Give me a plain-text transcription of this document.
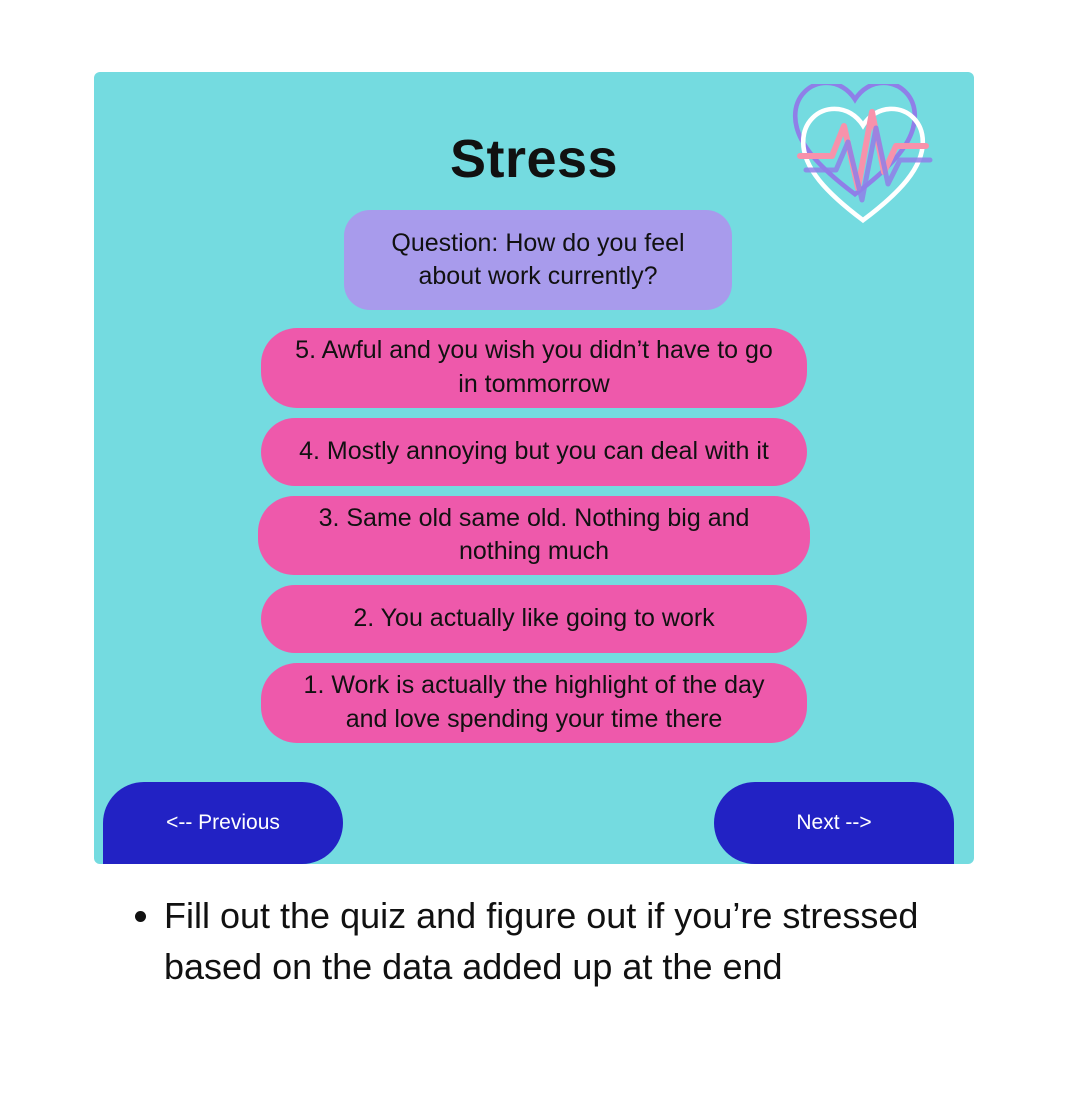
Stress
Question: How do you feel about work currently?
5. Awful and you wish you didn’t have to go in tommorrow
4. Mostly annoying but you can deal with it
3. Same old same old. Nothing big and nothing much
2. You actually like going to work
1. Work is actually the highlight of the day and love spending your time there
<-- Previous	Next -->
• Fill out the quiz and figure out if you’re stressed based on the data added up at the end
